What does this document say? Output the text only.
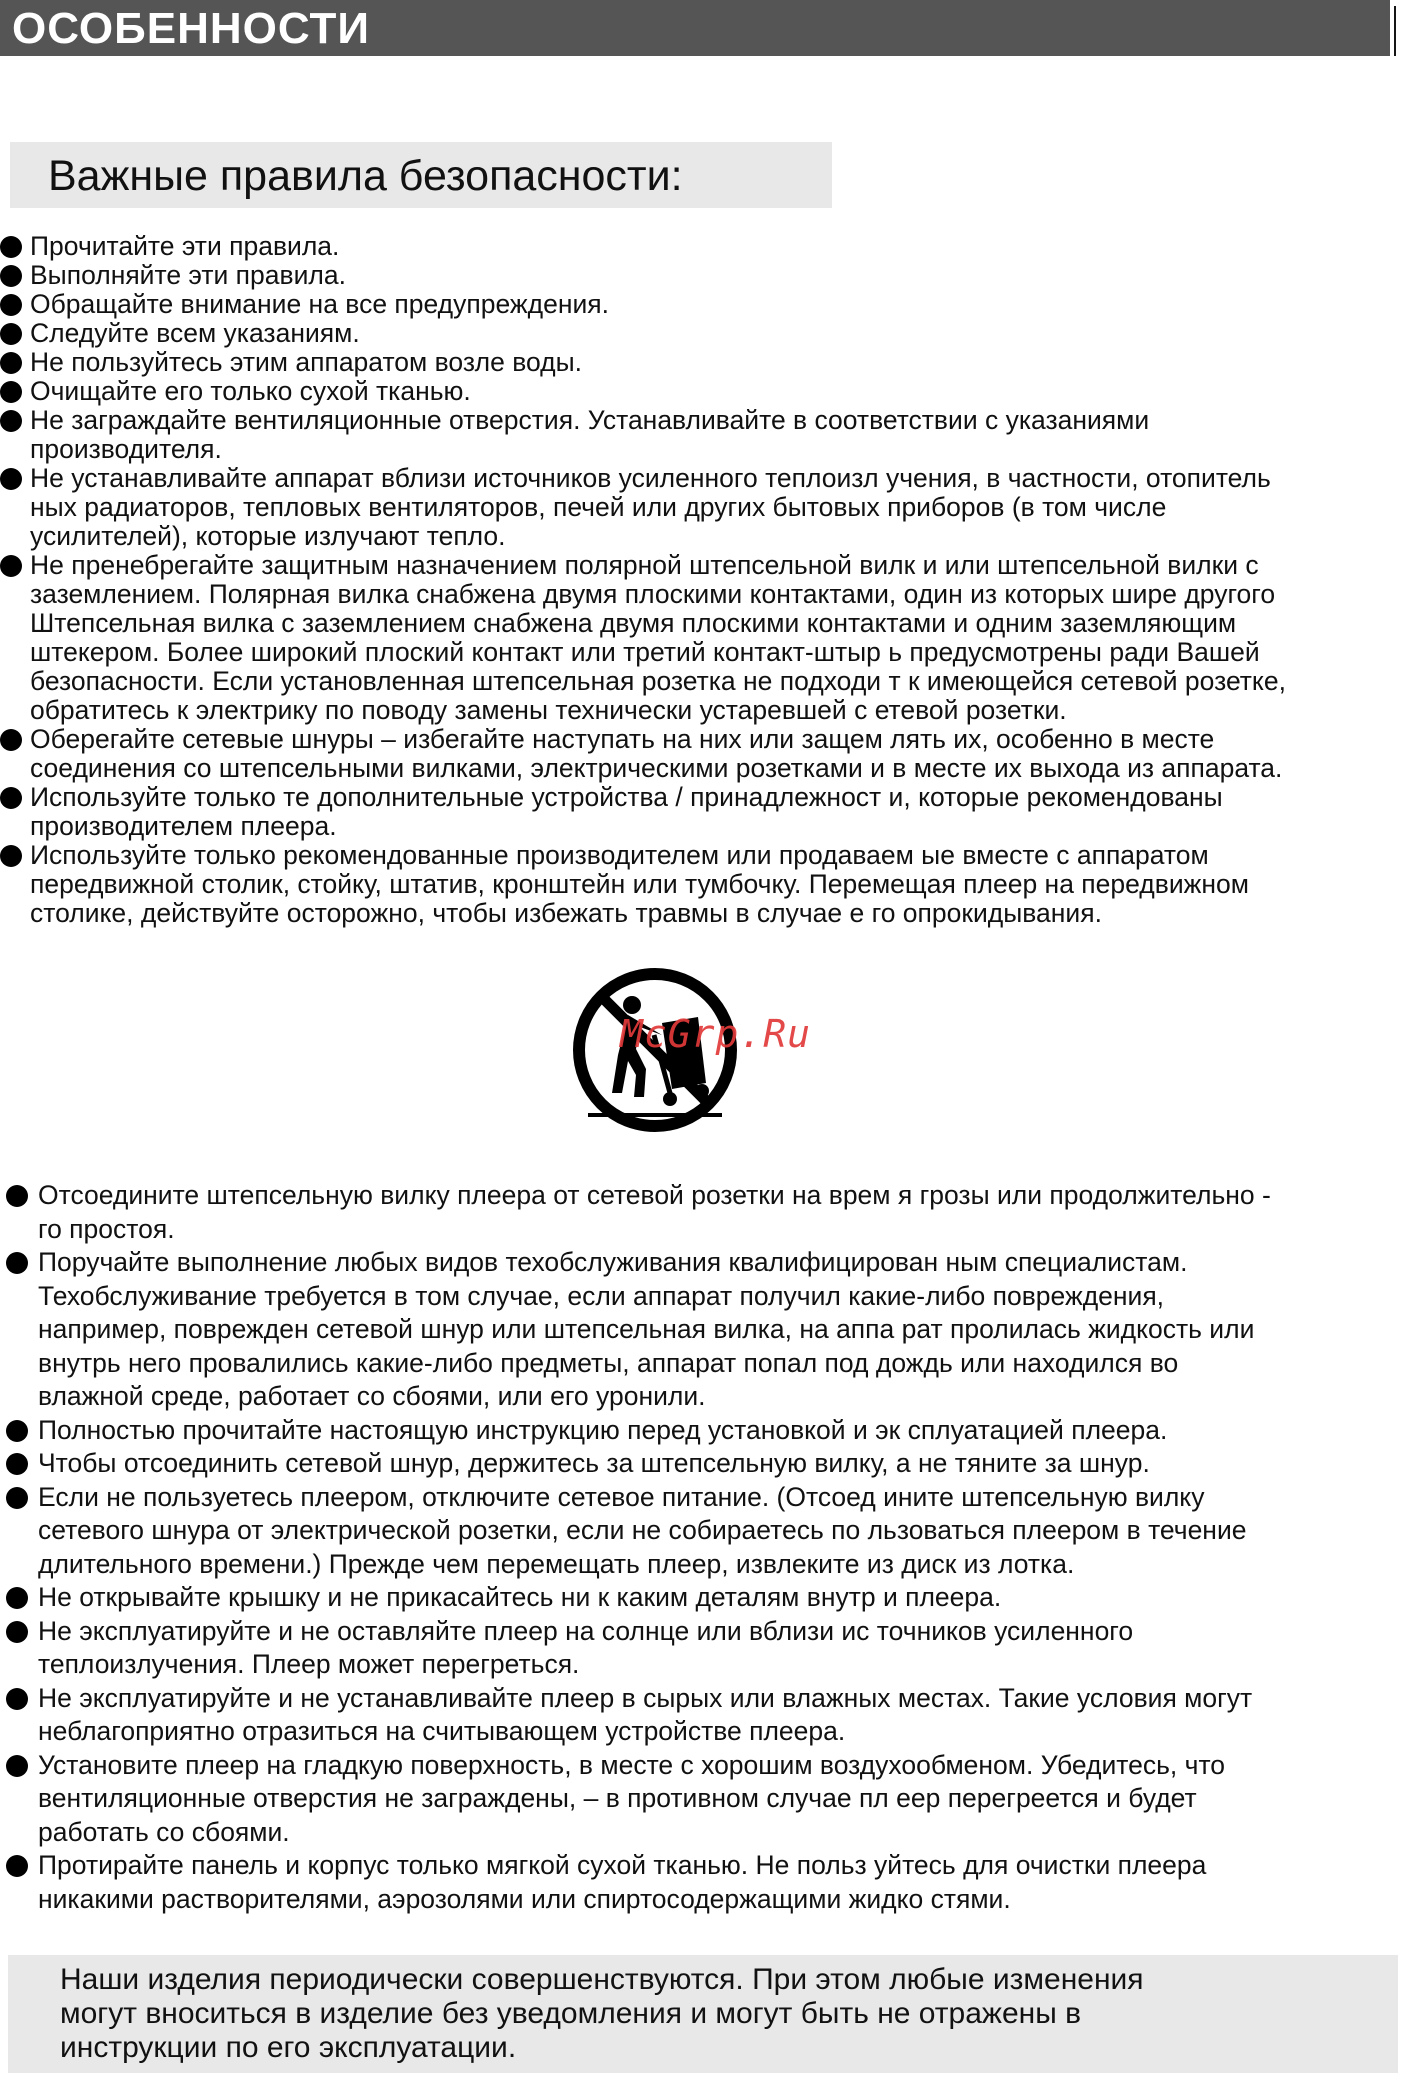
ОСОБЕННОСТИ
Важные правила безопасности:
Прочитайте эти правила.
Выполняйте эти правила.
Обращайте внимание на все предупреждения.
Следуйте всем указаниям.
Не пользуйтесь этим аппаратом возле воды.
Очищайте его только сухой тканью.
Не заграждайте вентиляционные отверстия. Устанавливайте в соответствии с указаниями
производителя.
Не устанавливайте аппарат вблизи источников усиленного теплоизл учения, в частности, отопитель
ных радиаторов, тепловых вентиляторов, печей или других бытовых приборов (в том числе
усилителей), которые излучают тепло.
Не пренебрегайте защитным назначением полярной штепсельной вилк и или штепсельной вилки с
заземлением. Полярная вилка снабжена двумя плоскими контактами, один из которых шире другого
Штепсельная вилка с заземлением снабжена двумя плоскими контактами и одним заземляющим
штекером. Более широкий плоский контакт или третий контакт-штыр ь предусмотрены ради Вашей
безопасности. Если установленная штепсельная розетка не подходи т к имеющейся сетевой розетке,
обратитесь к электрику по поводу замены технически устаревшей с етевой розетки.
Оберегайте сетевые шнуры – избегайте наступать на них или защем лять их, особенно в месте
соединения со штепсельными вилками, электрическими розетками и в месте их выхода из аппарата.
Используйте только те дополнительные устройства / принадлежност и, которые рекомендованы
производителем плеера.
Используйте только рекомендованные производителем или продаваем ые вместе с аппаратом
передвижной столик, стойку, штатив, кронштейн или тумбочку. Перемещая плеер на передвижном
столике, действуйте осторожно, чтобы избежать травмы в случае е го опрокидывания.
McGrp.Ru
Отсоедините штепсельную вилку плеера от сетевой розетки на врем я грозы или продолжительно -
го простоя.
Поручайте выполнение любых видов техобслуживания квалифицирован ным специалистам.
Техобслуживание требуется в том случае, если аппарат получил какие-либо повреждения,
например, поврежден сетевой шнур или штепсельная вилка, на аппа рат пролилась жидкость или
внутрь него провалились какие-либо предметы, аппарат попал под дождь или находился во
влажной среде, работает со сбоями, или его уронили.
Полностью прочитайте настоящую инструкцию перед установкой и эк сплуатацией плеера.
Чтобы отсоединить сетевой шнур, держитесь за штепсельную вилку, а не тяните за шнур.
Если не пользуетесь плеером, отключите сетевое питание. (Отсоед ините штепсельную вилку
сетевого шнура от электрической розетки, если не собираетесь по льзоваться плеером в течение
длительного времени.) Прежде чем перемещать плеер, извлеките из диск из лотка.
Не открывайте крышку и не прикасайтесь ни к каким деталям внутр и плеера.
Не эксплуатируйте и не оставляйте плеер на солнце или вблизи ис точников усиленного
теплоизлучения. Плеер может перегреться.
Не эксплуатируйте и не устанавливайте плеер в сырых или влажных местах. Такие условия могут
неблагоприятно отразиться на считывающем устройстве плеера.
Установите плеер на гладкую поверхность, в месте с хорошим воздухообменом. Убедитесь, что
вентиляционные отверстия не заграждены, – в противном случае пл еер перегреется и будет
работать со сбоями.
Протирайте панель и корпус только мягкой сухой тканью. Не польз уйтесь для очистки плеера
никакими растворителями, аэрозолями или спиртосодержащими жидко стями.

Наши изделия периодически совершенствуются. При этом любые изменения
могут вноситься в изделие без уведомления и могут быть не отражены в
инструкции по его эксплуатации.
